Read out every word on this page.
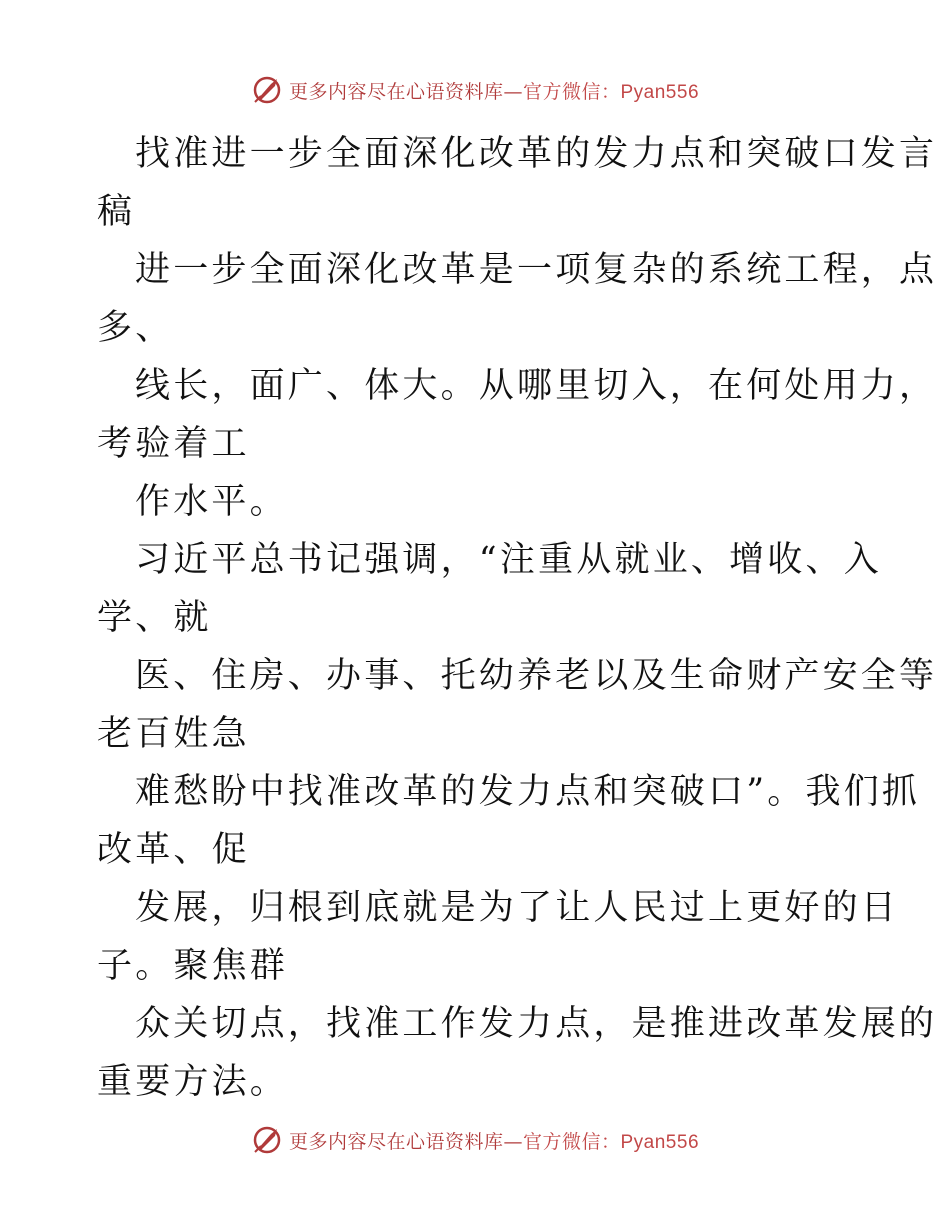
更多内容尽在心语资料库—官方微信：Pyan556
找准进一步全面深化改革的发力点和突破口发言
稿
进一步全面深化改革是一项复杂的系统工程，点
多、
线长，面广、体大。从哪里切入，在何处用力，
考验着工
作水平。
习近平总书记强调，“注重从就业、增收、入
学、就
医、住房、办事、托幼养老以及生命财产安全等
老百姓急
难愁盼中找准改革的发力点和突破口”。我们抓
改革、促
发展，归根到底就是为了让人民过上更好的日
子。聚焦群
众关切点，找准工作发力点，是推进改革发展的
重要方法。
更多内容尽在心语资料库—官方微信：Pyan556
